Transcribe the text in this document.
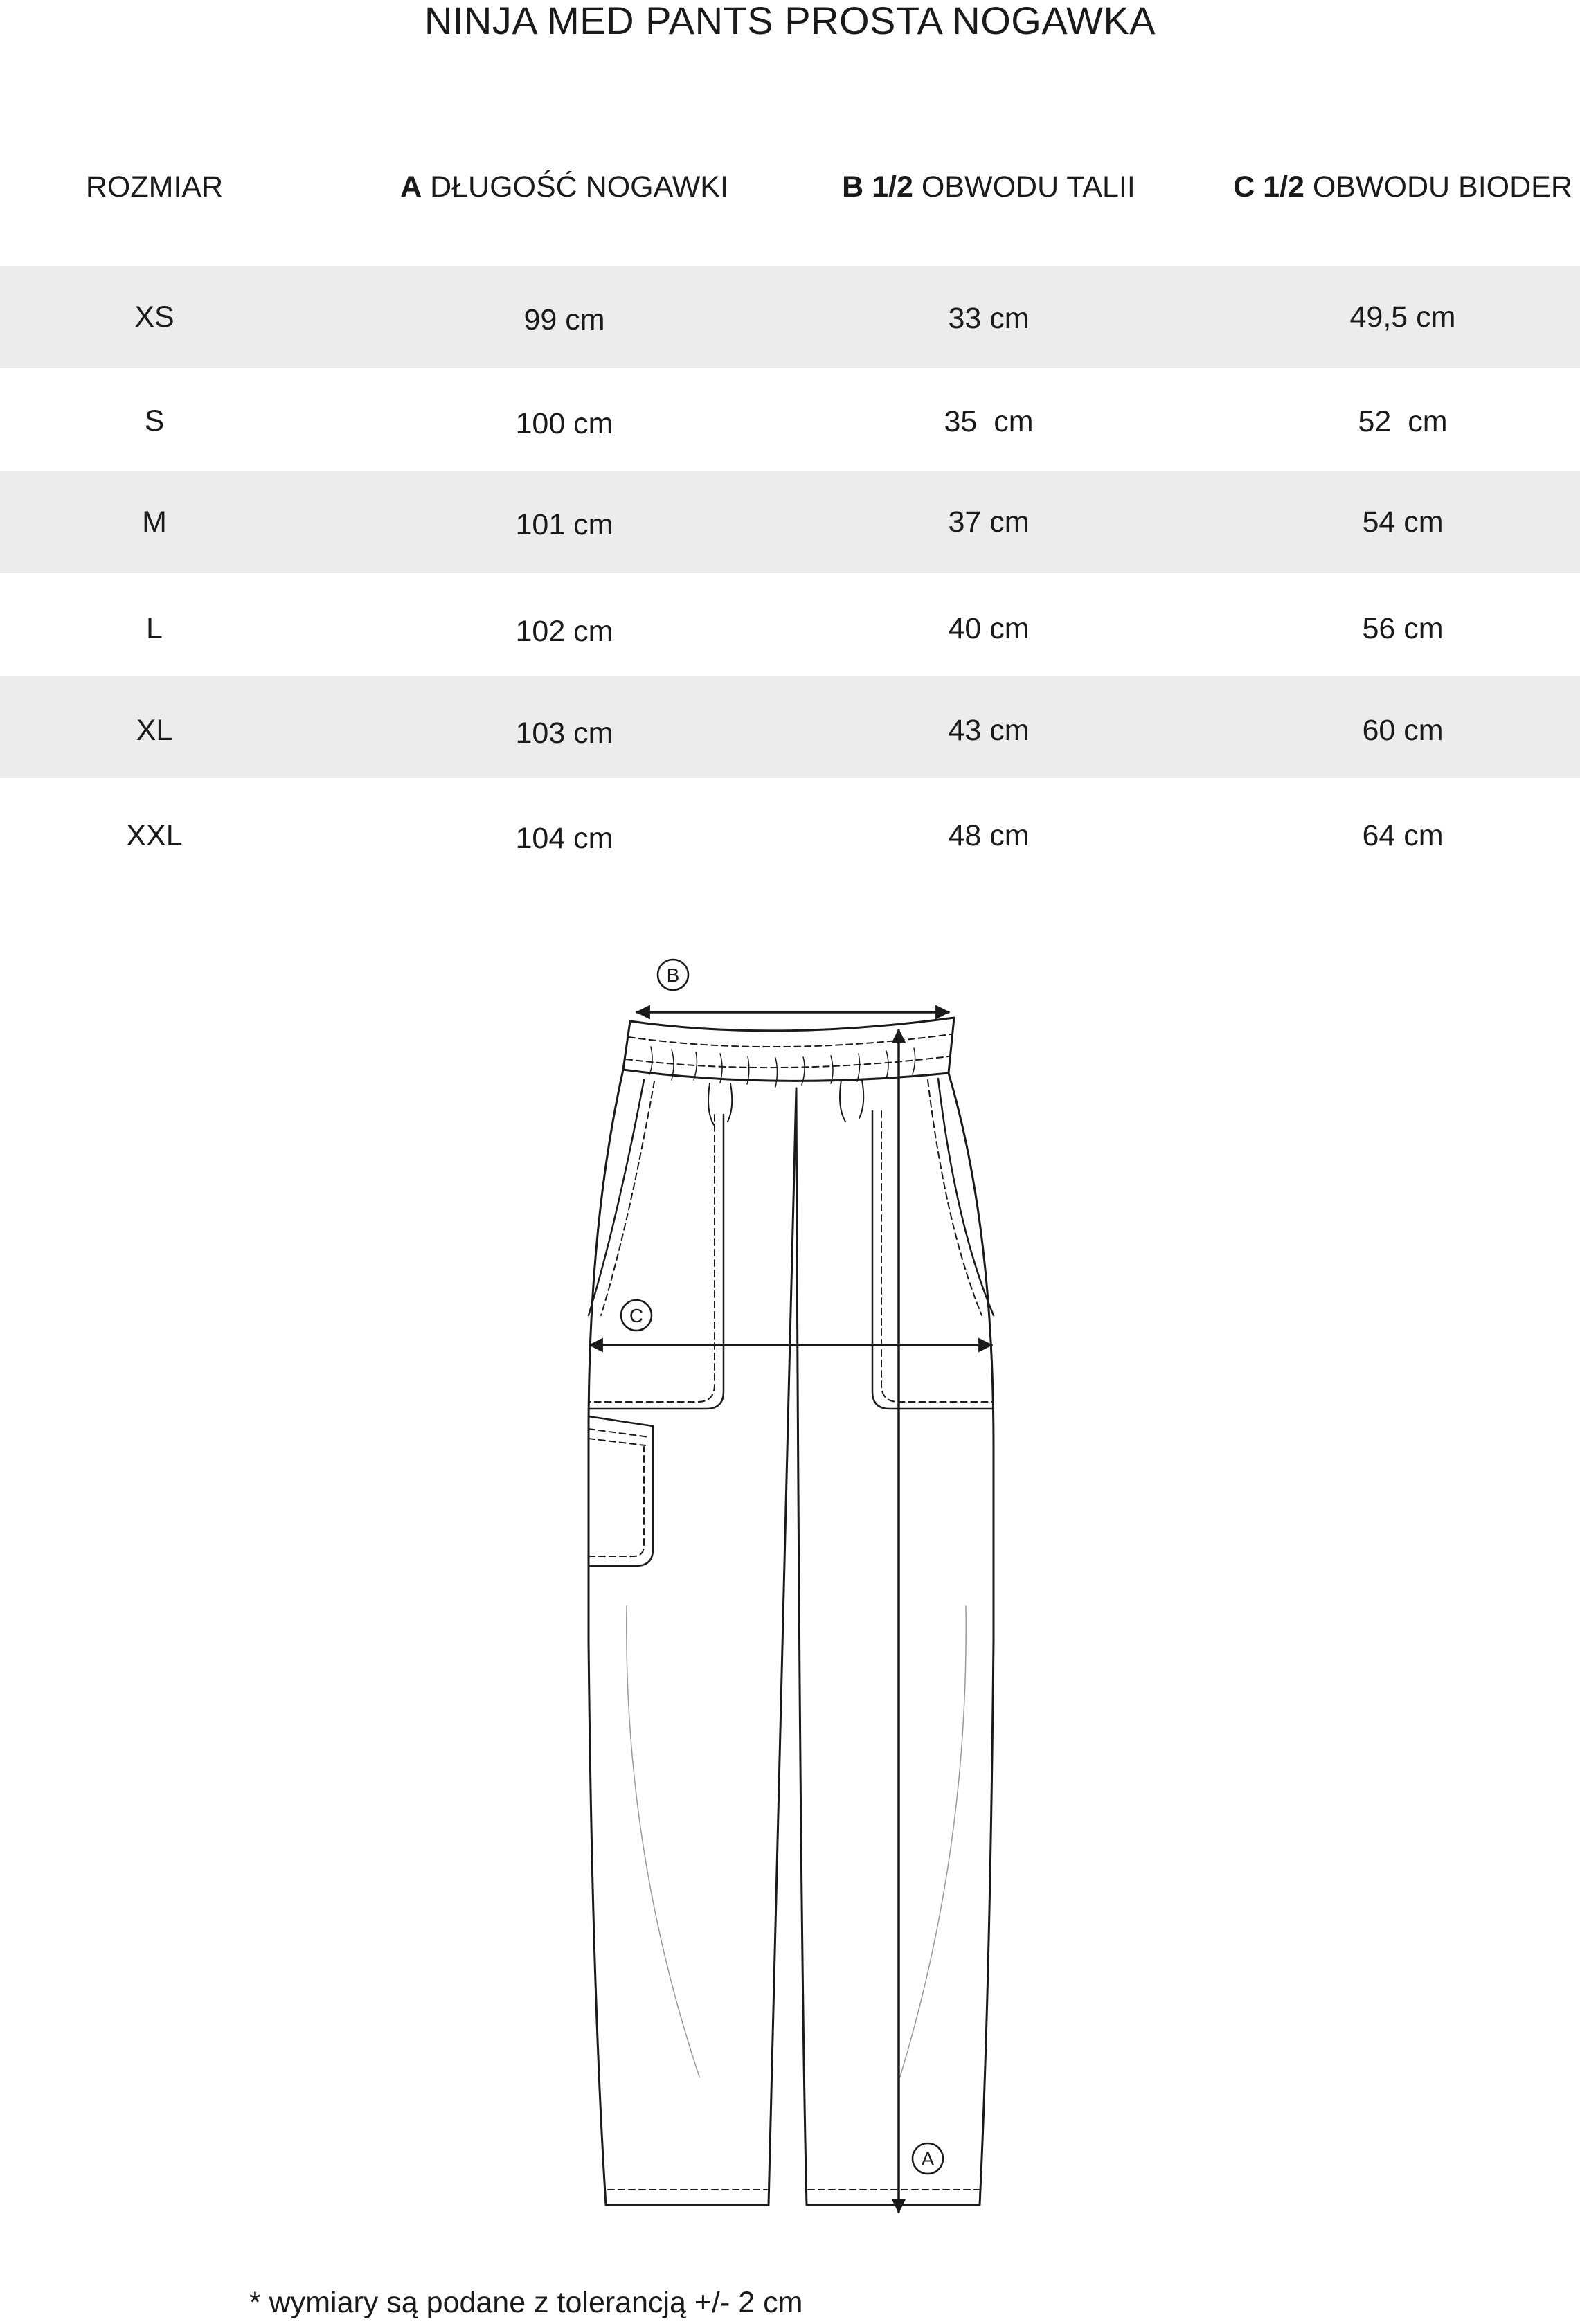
NINJA MED PANTS PROSTA NOGAWKA
ROZMIAR	A DŁUGOŚĆ NOGAWKI	B 1/2 OBWODU TALII	C 1/2 OBWODU BIODER
XS	99 cm	33 cm	49,5 cm
S	100 cm	35  cm	52  cm
M	101 cm	37 cm	54 cm
L	102 cm	40 cm	56 cm
XL	103 cm	43 cm	60 cm
XXL	104 cm	48 cm	64 cm
B
C
A
* wymiary są podane z tolerancją +/- 2 cm
